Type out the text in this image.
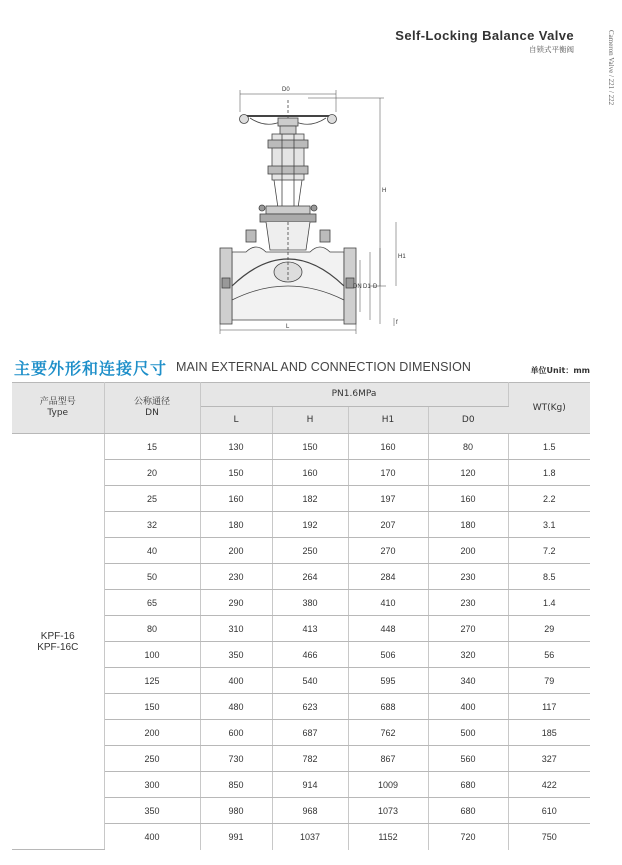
Self-Locking Balance Valve
自锁式平衡阀	Cameron Valve / 221 / 222
D0
H
H1
DN D1 D
L
f
主要外形和连接尺寸 MAIN EXTERNAL AND CONNECTION DIMENSION	单位Unit：mm
产品型号
Type	公称通径
DN	PN1.6MPa				WT(Kg)
		L	H	H1	D0	
KPF-16
KPF-16C	15	130	150	160	80	1.5
	20	150	160	170	120	1.8
	25	160	182	197	160	2.2
	32	180	192	207	180	3.1
	40	200	250	270	200	7.2
	50	230	264	284	230	8.5
	65	290	380	410	230	1.4
	80	310	413	448	270	29
	100	350	466	506	320	56
	125	400	540	595	340	79
	150	480	623	688	400	117
	200	600	687	762	500	185
	250	730	782	867	560	327
	300	850	914	1009	680	422
	350	980	968	1073	680	610
	400	991	1037	1152	720	750
